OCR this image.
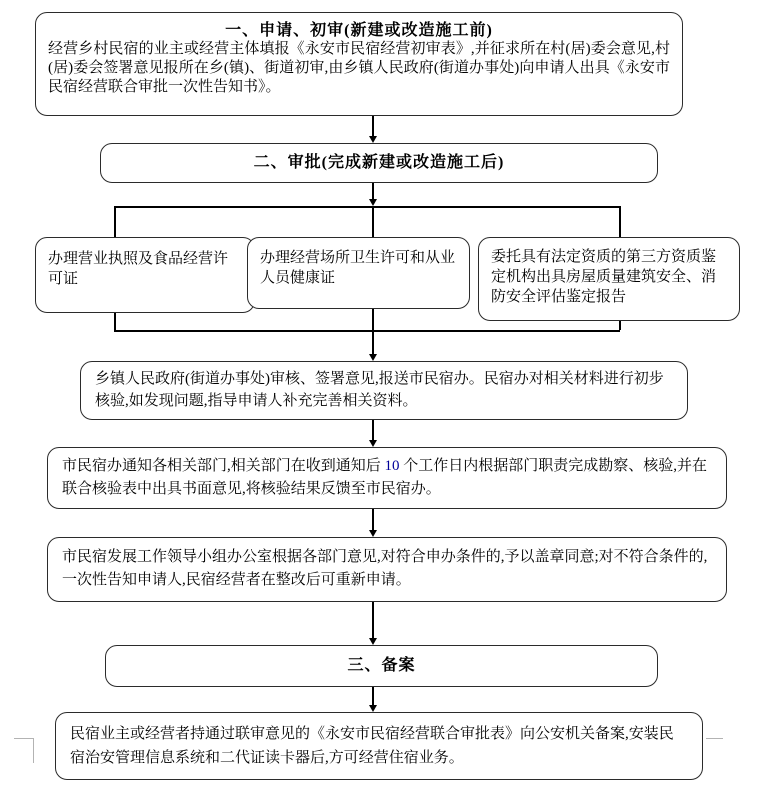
一、申请、初审(新建或改造施工前)
经营乡村民宿的业主或经营主体填报《永安市民宿经营初审表》,并征求所在村(居)委会意见,村(居)委会签署意见报所在乡(镇)、街道初审,由乡镇人民政府(街道办事处)向申请人出具《永安市民宿经营联合审批一次性告知书》。
二、审批(完成新建或改造施工后)
办理营业执照及食品经营许可证
办理经营场所卫生许可和从业人员健康证
委托具有法定资质的第三方资质鉴定机构出具房屋质量建筑安全、消防安全评估鉴定报告
乡镇人民政府(街道办事处)审核、签署意见,报送市民宿办。民宿办对相关材料进行初步核验,如发现问题,指导申请人补充完善相关资料。
市民宿办通知各相关部门,相关部门在收到通知后 10 个工作日内根据部门职责完成勘察、核验,并在联合核验表中出具书面意见,将核验结果反馈至市民宿办。
市民宿发展工作领导小组办公室根据各部门意见,对符合申办条件的,予以盖章同意;对不符合条件的,一次性告知申请人,民宿经营者在整改后可重新申请。
三、备案
民宿业主或经营者持通过联审意见的《永安市民宿经营联合审批表》向公安机关备案,安装民宿治安管理信息系统和二代证读卡器后,方可经营住宿业务。
